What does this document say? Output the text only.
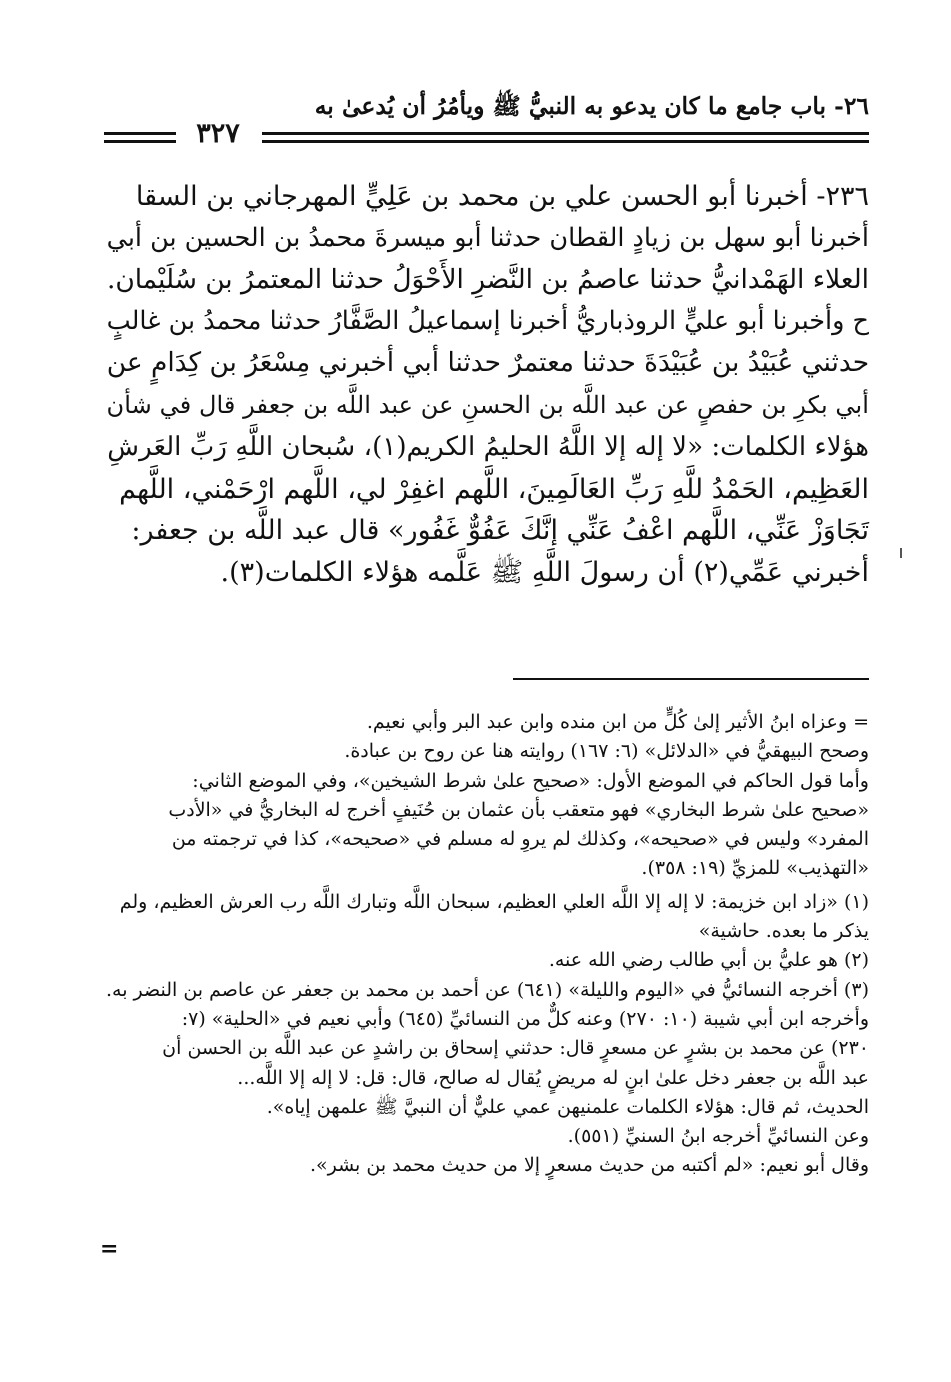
٢٦- باب جامع ما كان يدعو به النبيُّ ﷺ ويأمُرُ أن يُدعىٰ به
٣٢٧
٢٣٦- أخبرنا أبو الحسن علي بن محمد بن عَلِيٍّ المهرجاني بن السقا
أخبرنا أبو سهل بن زيادٍ القطان حدثنا أبو ميسرةَ محمدُ بن الحسين بن أبي
العلاء الهَمْدانيُّ حدثنا عاصمُ بن النَّضرِ الأَحْوَلُ حدثنا المعتمرُ بن سُلَيْمان.
ح وأخبرنا أبو عليٍّ الروذباريُّ أخبرنا إسماعيلُ الصَّفَّارُ حدثنا محمدُ بن غالبٍ
حدثني عُبَيْدُ بن عُبَيْدَةَ حدثنا معتمرٌ حدثنا أبي أخبرني مِسْعَرُ بن كِدَامٍ عن
أبي بكرِ بن حفصٍ عن عبد اللَّه بن الحسنِ عن عبد اللَّه بن جعفر قال في شأن
هؤلاء الكلمات: «لا إله إلا اللَّهُ الحليمُ الكريم(١)، سُبحان اللَّهِ رَبِّ العَرشِ
العَظِيم، الحَمْدُ للَّهِ رَبِّ العَالَمِينَ، اللَّهم اغفِرْ لي، اللَّهم ارْحَمْني، اللَّهم
تَجَاوَزْ عَنِّي، اللَّهم اعْفُ عَنِّي إنَّكَ عَفُوٌّ غَفُور» قال عبد اللَّه بن جعفر:
أخبرني عَمِّي(٢) أن رسولَ اللَّهِ ﷺ عَلَّمه هؤلاء الكلمات(٣).
= وعزاه ابنُ الأثير إلىٰ كُلٍّ من ابن منده وابن عبد البر وأبي نعيم.
وصحح البيهقيُّ في «الدلائل» (٦: ١٦٧) روايته هنا عن روح بن عبادة.
وأما قول الحاكم في الموضع الأول: «صحيح علىٰ شرط الشيخين»، وفي الموضع الثاني:
«صحيح علىٰ شرط البخاري» فهو متعقب بأن عثمان بن حُنَيفٍ أخرج له البخاريُّ في «الأدب
المفرد» وليس في «صحيحه»، وكذلك لم يروِ له مسلم في «صحيحه»، كذا في ترجمته من
«التهذيب» للمزيِّ (١٩: ٣٥٨).
(١) «زاد ابن خزيمة: لا إله إلا اللَّه العلي العظيم، سبحان اللَّه وتبارك اللَّه رب العرش العظيم، ولم
يذكر ما بعده. حاشية»
(٢) هو عليُّ بن أبي طالب رضي الله عنه.
(٣) أخرجه النسائيُّ في «اليوم والليلة» (٦٤١) عن أحمد بن محمد بن جعفر عن عاصم بن النضر به.
وأخرجه ابن أبي شيبة (١٠: ٢٧٠) وعنه كلٌّ من النسائيِّ (٦٤٥) وأبي نعيم في «الحلية» (٧:
٢٣٠) عن محمد بن بشرٍ عن مسعرٍ قال: حدثني إسحاق بن راشدٍ عن عبد اللَّه بن الحسن أن
عبد اللَّه بن جعفر دخل علىٰ ابنٍ له مريضٍ يُقال له صالح، قال: قل: لا إله إلا اللَّه...
الحديث، ثم قال: هؤلاء الكلمات علمنيهن عمي عليٌّ أن النبيَّ ﷺ علمهن إياه».
وعن النسائيِّ أخرجه ابنُ السنيِّ (٥٥١).
وقال أبو نعيم: «لم أكتبه من حديث مسعرٍ إلا من حديث محمد بن بشر».
=
